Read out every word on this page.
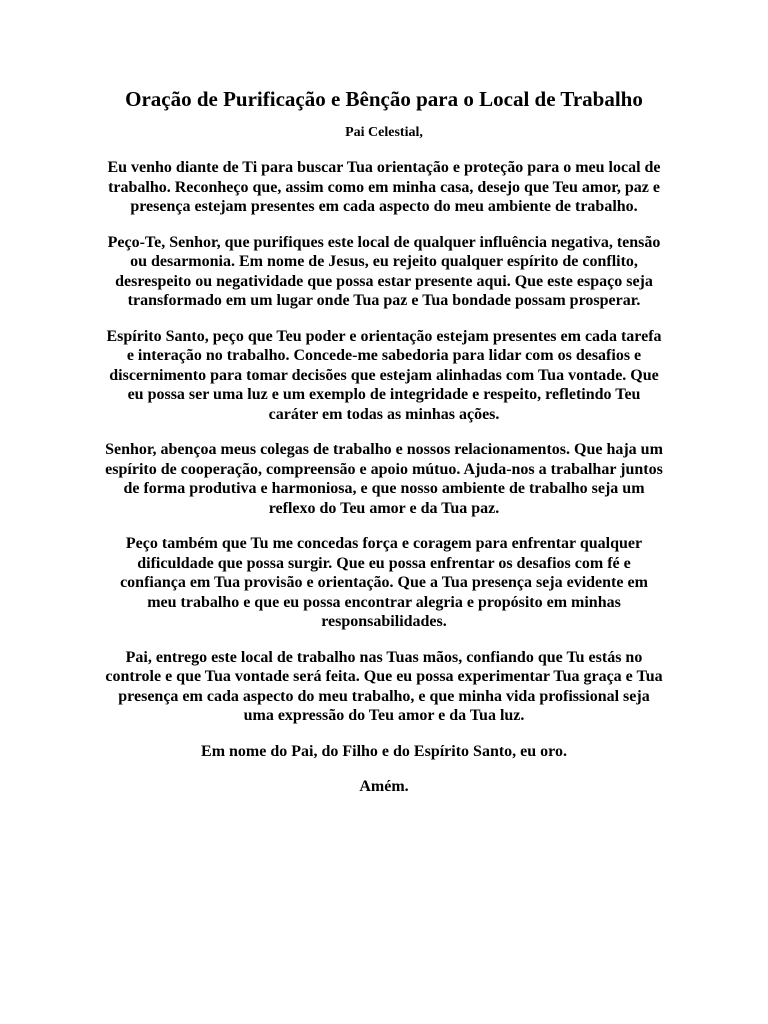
Oração de Purificação e Bênção para o Local de Trabalho

Pai Celestial,

Eu venho diante de Ti para buscar Tua orientação e proteção para o meu local de trabalho. Reconheço que, assim como em minha casa, desejo que Teu amor, paz e presença estejam presentes em cada aspecto do meu ambiente de trabalho.

Peço-Te, Senhor, que purifiques este local de qualquer influência negativa, tensão ou desarmonia. Em nome de Jesus, eu rejeito qualquer espírito de conflito, desrespeito ou negatividade que possa estar presente aqui. Que este espaço seja transformado em um lugar onde Tua paz e Tua bondade possam prosperar.

Espírito Santo, peço que Teu poder e orientação estejam presentes em cada tarefa e interação no trabalho. Concede-me sabedoria para lidar com os desafios e discernimento para tomar decisões que estejam alinhadas com Tua vontade. Que eu possa ser uma luz e um exemplo de integridade e respeito, refletindo Teu caráter em todas as minhas ações.

Senhor, abençoa meus colegas de trabalho e nossos relacionamentos. Que haja um espírito de cooperação, compreensão e apoio mútuo. Ajuda-nos a trabalhar juntos de forma produtiva e harmoniosa, e que nosso ambiente de trabalho seja um reflexo do Teu amor e da Tua paz.

Peço também que Tu me concedas força e coragem para enfrentar qualquer dificuldade que possa surgir. Que eu possa enfrentar os desafios com fé e confiança em Tua provisão e orientação. Que a Tua presença seja evidente em meu trabalho e que eu possa encontrar alegria e propósito em minhas responsabilidades.

Pai, entrego este local de trabalho nas Tuas mãos, confiando que Tu estás no controle e que Tua vontade será feita. Que eu possa experimentar Tua graça e Tua presença em cada aspecto do meu trabalho, e que minha vida profissional seja uma expressão do Teu amor e da Tua luz.

Em nome do Pai, do Filho e do Espírito Santo, eu oro.

Amém.
